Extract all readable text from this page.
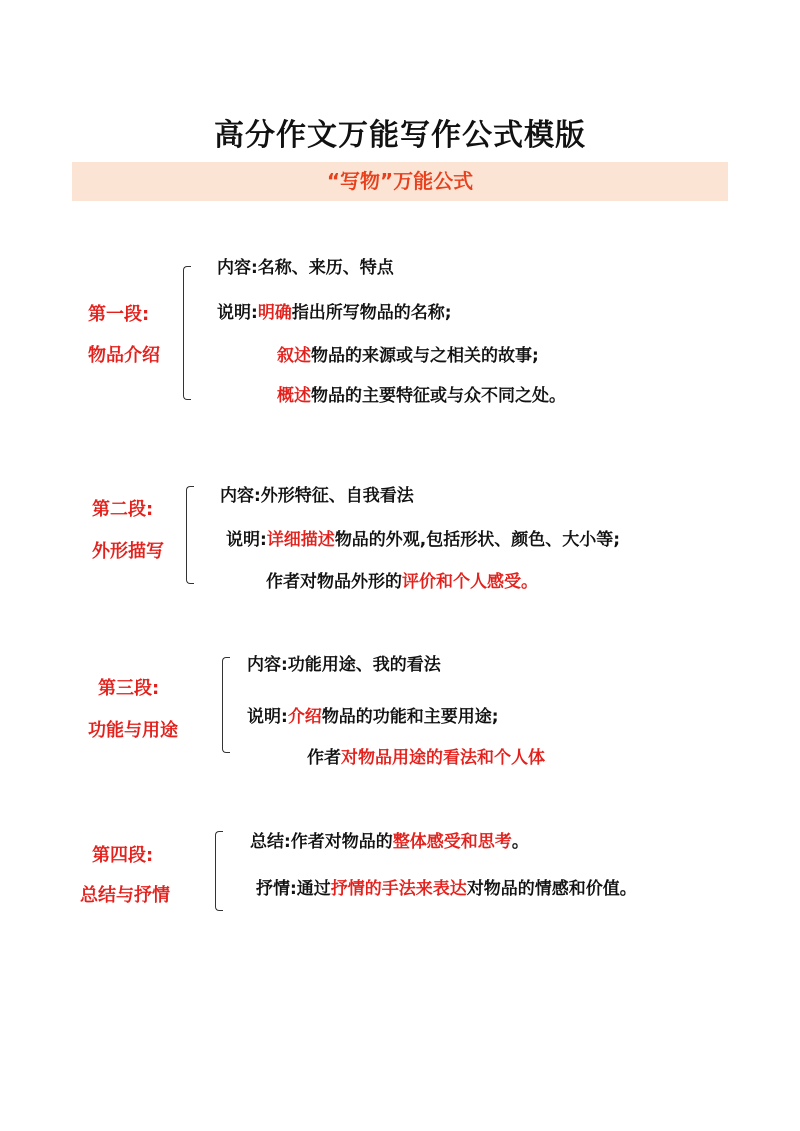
高分作文万能写作公式模版
“写物”万能公式
第一段:
物品介绍
内容:名称、来历、特点
说明:明确指出所写物品的名称;
叙述物品的来源或与之相关的故事;
概述物品的主要特征或与众不同之处。
第二段:
外形描写
内容:外形特征、自我看法
说明:详细描述物品的外观,包括形状、颜色、大小等;
作者对物品外形的评价和个人感受。
第三段:
功能与用途
内容:功能用途、我的看法
说明:介绍物品的功能和主要用途;
作者对物品用途的看法和个人体
第四段:
总结与抒情
总结:作者对物品的整体感受和思考。
抒情:通过抒情的手法来表达对物品的情感和价值。
